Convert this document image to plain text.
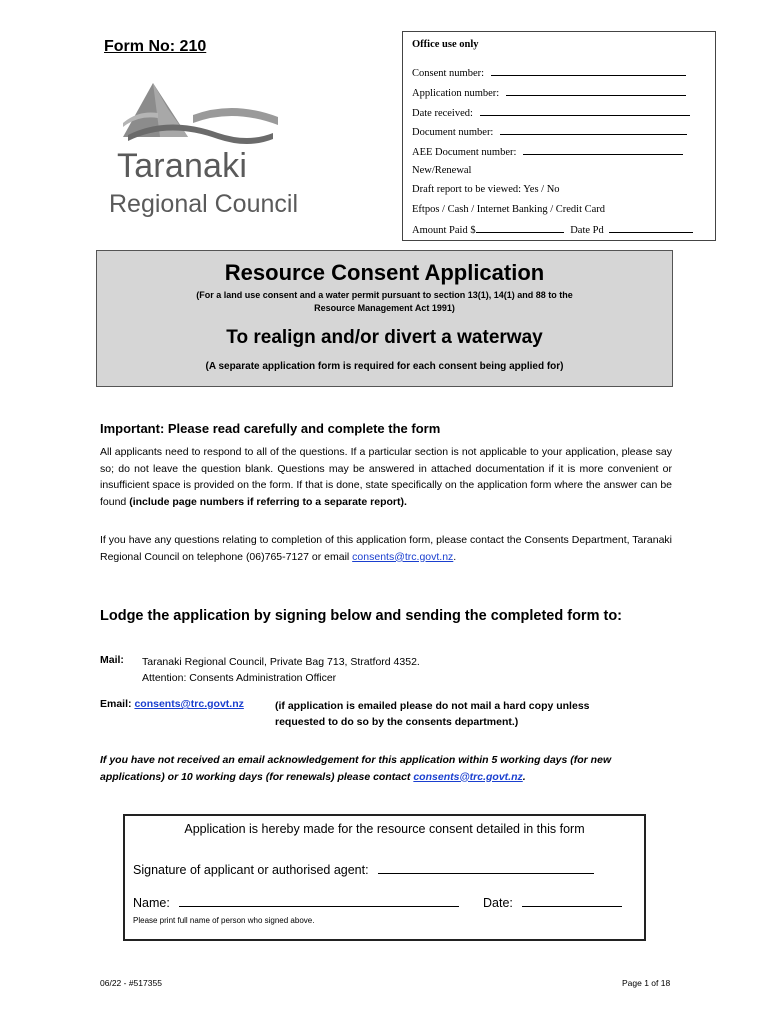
Form No: 210
Taranaki
Regional Council
Office use only
Consent number:
Application number:
Date received:
Document number:
AEE Document number:
New/Renewal
Draft report to be viewed: Yes / No
Eftpos / Cash / Internet Banking / Credit Card
Amount Paid $	Date Pd
Resource Consent Application
(For a land use consent and a water permit pursuant to section 13(1), 14(1) and 88 to the
Resource Management Act 1991)
To realign and/or divert a waterway
(A separate application form is required for each consent being applied for)
Important: Please read carefully and complete the form
All applicants need to respond to all of the questions. If a particular section is not applicable to your application, please say so; do not leave the question blank. Questions may be answered in attached documentation if it is more convenient or insufficient space is provided on the form. If that is done, state specifically on the application form where the answer can be found (include page numbers if referring to a separate report).
If you have any questions relating to completion of this application form, please contact the Consents Department, Taranaki Regional Council on telephone (06)765-7127 or email consents@trc.govt.nz.
Lodge the application by signing below and sending the completed form to:
Mail: Taranaki Regional Council, Private Bag 713, Stratford 4352.
Attention: Consents Administration Officer
Email: consents@trc.govt.nz	(if application is emailed please do not mail a hard copy unless
requested to do so by the consents department.)
If you have not received an email acknowledgement for this application within 5 working days (for new applications) or 10 working days (for renewals) please contact consents@trc.govt.nz.
Application is hereby made for the resource consent detailed in this form
Signature of applicant or authorised agent:
Name:	Date:
Please print full name of person who signed above.
06/22 - #517355	Page 1 of 18
